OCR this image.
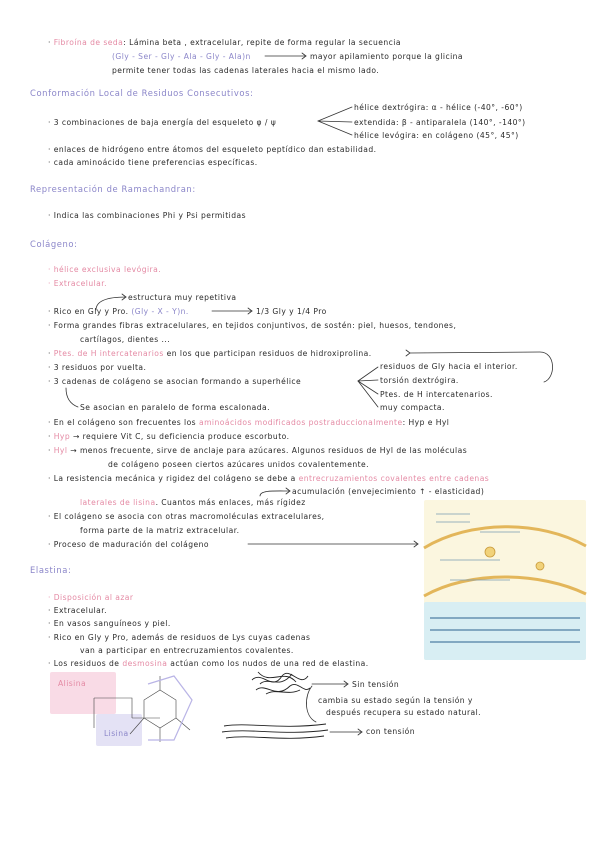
· Fibroína de seda: Lámina beta , extracelular, repite de forma regular la secuencia
(Gly - Ser - Gly - Ala - Gly - Ala)n	mayor apilamiento porque la glicina
permite tener todas las cadenas laterales hacia el mismo lado.
Conformación Local de Residuos Consecutivos:
hélice dextrógira: α - hélice (-40°, -60°)
· 3 combinaciones de baja energía del esqueleto φ / ψ	extendida: β - antiparalela (140°, -140°)
hélice levógira: en colágeno (45°, 45°)
· enlaces de hidrógeno entre átomos del esqueleto peptídico dan estabilidad.
· cada aminoácido tiene preferencias específicas.
Representación de Ramachandran:
· Indica las combinaciones Phi y Psi permitidas
Colágeno:
· hélice exclusiva levógira.
· Extracelular.
estructura muy repetitiva
· Rico en Gly y Pro. (Gly - X - Y)n.	1/3 Gly y 1/4 Pro
· Forma grandes fibras extracelulares, en tejidos conjuntivos, de sostén: piel, huesos, tendones,
cartílagos, dientes ...
· Ptes. de H intercatenarios en los que participan residuos de hidroxiprolina.
· 3 residuos por vuelta.	residuos de Gly hacia el interior.
· 3 cadenas de colágeno se asocian formando a superhélice	torsión dextrógira.
Ptes. de H intercatenarios.
Se asocian en paralelo de forma escalonada.	muy compacta.
· En el colágeno son frecuentes los aminoácidos modificados postraduccionalmente: Hyp e Hyl
· Hyp → requiere Vit C, su deficiencia produce escorbuto.
· Hyl → menos frecuente, sirve de anclaje para azúcares. Algunos residuos de Hyl de las moléculas
de colágeno poseen ciertos azúcares unidos covalentemente.
· La resistencia mecánica y rigidez del colágeno se debe a entrecruzamientos covalentes entre cadenas
acumulación (envejecimiento ↑ - elasticidad)
laterales de lisina. Cuantos más enlaces, más rígidez
· El colágeno se asocia con otras macromoléculas extracelulares,
forma parte de la matriz extracelular.
· Proceso de maduración del colágeno
Elastina:
· Disposición al azar
· Extracelular.
· En vasos sanguíneos y piel.
· Rico en Gly y Pro, además de residuos de Lys cuyas cadenas
van a participar en entrecruzamientos covalentes.
· Los residuos de desmosina actúan como los nudos de una red de elastina.
Alisina
Lisina
Sin tensión
cambia su estado según la tensión y
después recupera su estado natural.
con tensión
